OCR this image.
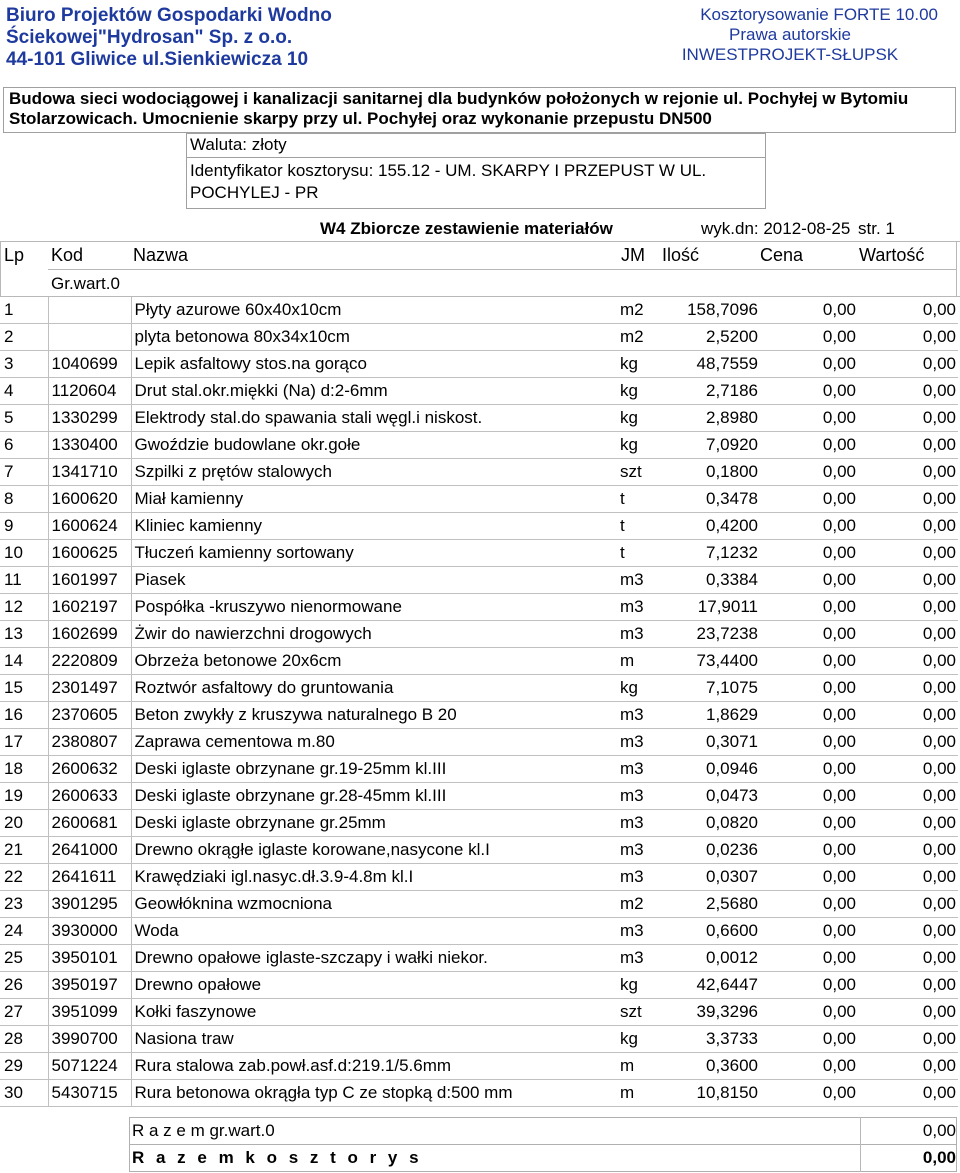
Biuro Projektów Gospodarki Wodno
Ściekowej"Hydrosan" Sp. z o.o.
44-101 Gliwice ul.Sienkiewicza 10
Kosztorysowanie FORTE 10.00
Prawa autorskie
INWESTPROJEKT-SŁUPSK
Budowa sieci wodociągowej i kanalizacji sanitarnej dla budynków położonych w rejonie ul. Pochyłej w Bytomiu Stolarzowicach. Umocnienie skarpy przy ul. Pochyłej oraz wykonanie przepustu DN500
Waluta: złoty
Identyfikator kosztorysu: 155.12 - UM. SKARPY I PRZEPUST W UL.
POCHYLEJ - PR
W4 Zbiorcze zestawienie materiałów	wyk.dn: 2012-08-25 str. 1
Lp Kod	Nazwa	JM Ilość	Cena	Wartość
Gr.wart.0
1		Płyty azurowe 60x40x10cm	m2	158,7096	0,00	0,00
2		plyta betonowa 80x34x10cm	m2	2,5200	0,00	0,00
3	1040699	Lepik asfaltowy stos.na gorąco	kg	48,7559	0,00	0,00
4	1120604	Drut stal.okr.miękki (Na) d:2-6mm	kg	2,7186	0,00	0,00
5	1330299	Elektrody stal.do spawania stali węgl.i niskost.	kg	2,8980	0,00	0,00
6	1330400	Gwoździe budowlane okr.gołe	kg	7,0920	0,00	0,00
7	1341710	Szpilki z prętów stalowych	szt	0,1800	0,00	0,00
8	1600620	Miał kamienny	t	0,3478	0,00	0,00
9	1600624	Kliniec kamienny	t	0,4200	0,00	0,00
10	1600625	Tłuczeń kamienny sortowany	t	7,1232	0,00	0,00
11	1601997	Piasek	m3	0,3384	0,00	0,00
12	1602197	Pospółka -kruszywo nienormowane	m3	17,9011	0,00	0,00
13	1602699	Żwir do nawierzchni drogowych	m3	23,7238	0,00	0,00
14	2220809	Obrzeża betonowe 20x6cm	m	73,4400	0,00	0,00
15	2301497	Roztwór asfaltowy do gruntowania	kg	7,1075	0,00	0,00
16	2370605	Beton zwykły z kruszywa naturalnego B 20	m3	1,8629	0,00	0,00
17	2380807	Zaprawa cementowa m.80	m3	0,3071	0,00	0,00
18	2600632	Deski iglaste obrzynane gr.19-25mm kl.III	m3	0,0946	0,00	0,00
19	2600633	Deski iglaste obrzynane gr.28-45mm kl.III	m3	0,0473	0,00	0,00
20	2600681	Deski iglaste obrzynane gr.25mm	m3	0,0820	0,00	0,00
21	2641000	Drewno okrągłe iglaste korowane,nasycone kl.I	m3	0,0236	0,00	0,00
22	2641611	Krawędziaki igl.nasyc.dł.3.9-4.8m kl.I	m3	0,0307	0,00	0,00
23	3901295	Geowłóknina wzmocniona	m2	2,5680	0,00	0,00
24	3930000	Woda	m3	0,6600	0,00	0,00
25	3950101	Drewno opałowe iglaste-szczapy i wałki niekor.	m3	0,0012	0,00	0,00
26	3950197	Drewno opałowe	kg	42,6447	0,00	0,00
27	3951099	Kołki faszynowe	szt	39,3296	0,00	0,00
28	3990700	Nasiona traw	kg	3,3733	0,00	0,00
29	5071224	Rura stalowa zab.powł.asf.d:219.1/5.6mm	m	0,3600	0,00	0,00
30	5430715	Rura betonowa okrągła typ C ze stopką d:500 mm	m	10,8150	0,00	0,00
R a z e m gr.wart.0	0,00
R a z e m k o s z t o r y s	0,00
